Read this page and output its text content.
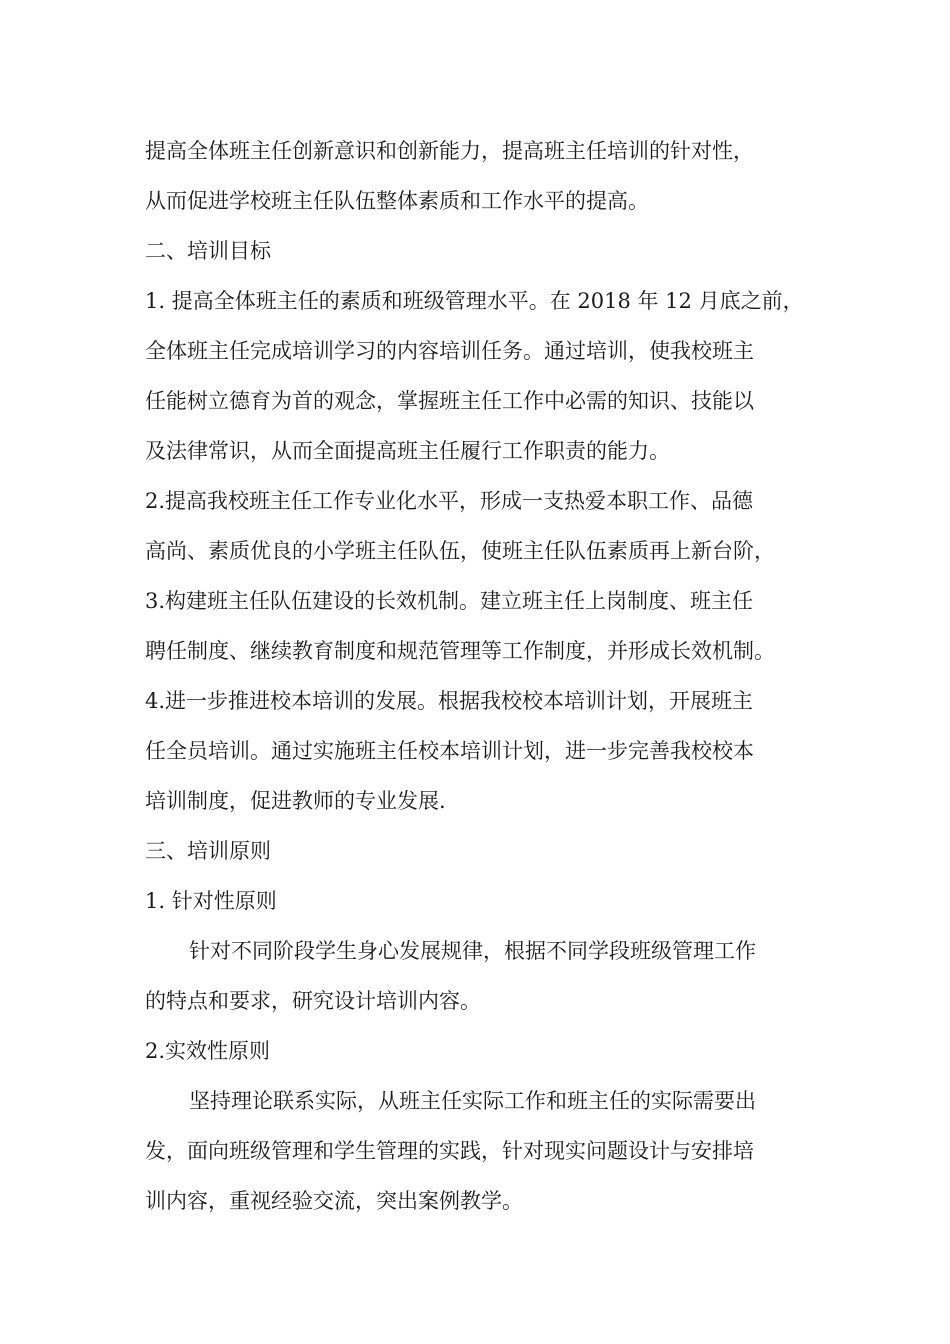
提高全体班主任创新意识和创新能力，提高班主任培训的针对性，
从而促进学校班主任队伍整体素质和工作水平的提高。
二、培训目标
1. 提高全体班主任的素质和班级管理水平。在 2018 年 12 月底之前，
全体班主任完成培训学习的内容培训任务。通过培训，使我校班主
任能树立德育为首的观念，掌握班主任工作中必需的知识、技能以
及法律常识，从而全面提高班主任履行工作职责的能力。
2.提高我校班主任工作专业化水平，形成一支热爱本职工作、品德
高尚、素质优良的小学班主任队伍，使班主任队伍素质再上新台阶，
3.构建班主任队伍建设的长效机制。建立班主任上岗制度、班主任
聘任制度、继续教育制度和规范管理等工作制度，并形成长效机制。
4.进一步推进校本培训的发展。根据我校校本培训计划，开展班主
任全员培训。通过实施班主任校本培训计划，进一步完善我校校本
培训制度，促进教师的专业发展.
三、培训原则
1. 针对性原则
针对不同阶段学生身心发展规律，根据不同学段班级管理工作
的特点和要求，研究设计培训内容。
2.实效性原则
坚持理论联系实际，从班主任实际工作和班主任的实际需要出
发，面向班级管理和学生管理的实践，针对现实问题设计与安排培
训内容，重视经验交流，突出案例教学。
